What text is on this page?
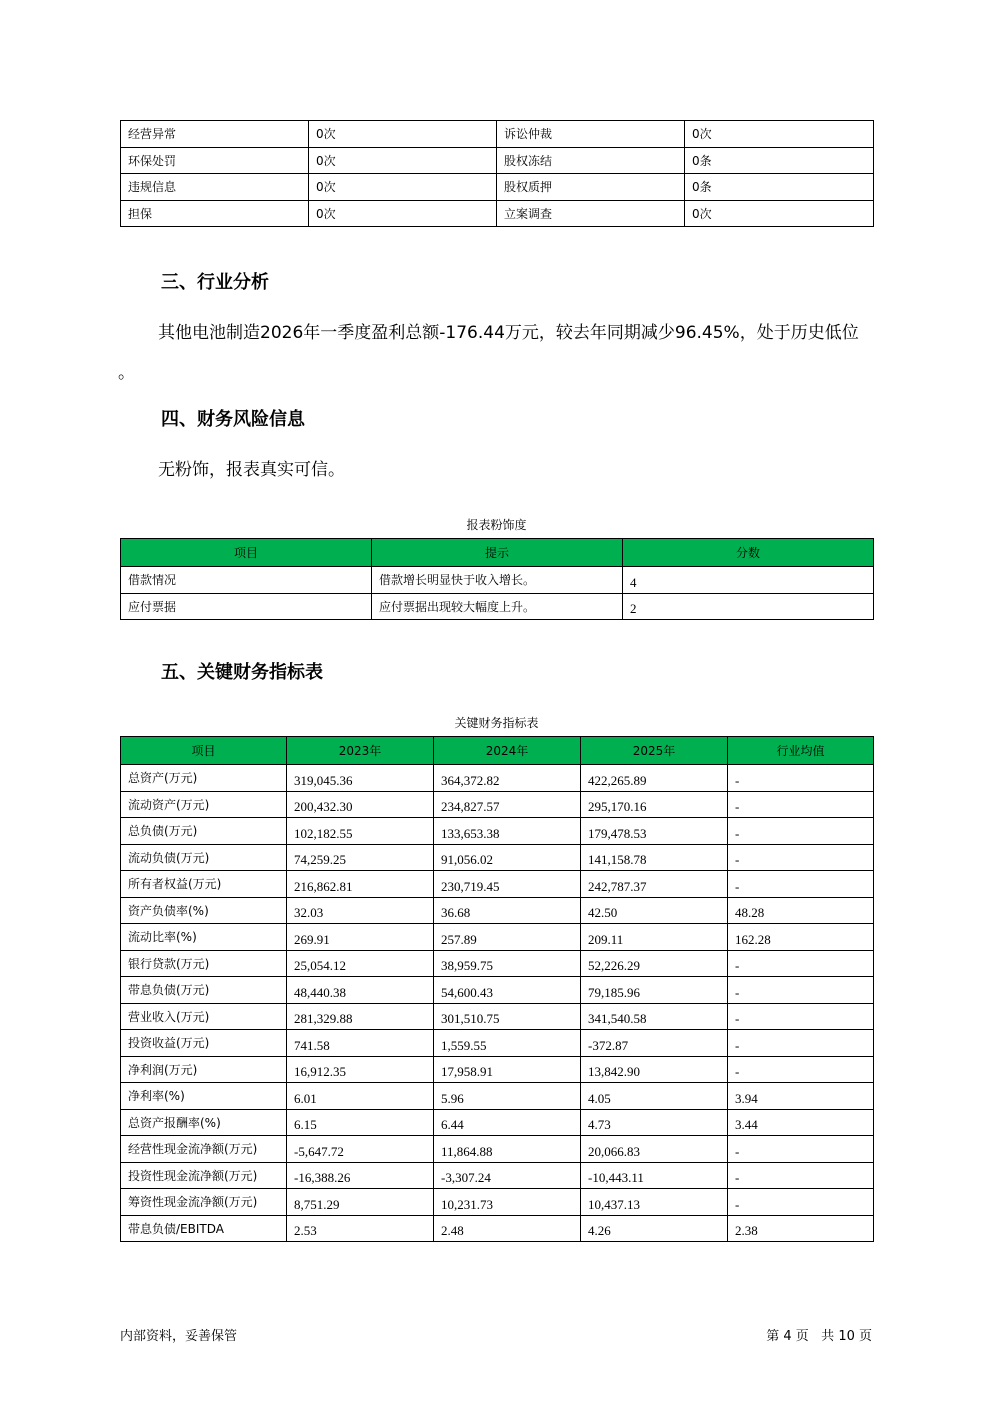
经营异常	0次	诉讼仲裁	0次
环保处罚	0次	股权冻结	0条
违规信息	0次	股权质押	0条
担保	0次	立案调查	0次
三、行业分析
其他电池制造2026年一季度盈利总额-176.44万元，较去年同期减少96.45%，处于历史低位
。
四、财务风险信息
无粉饰，报表真实可信。
报表粉饰度
项目	提示	分数
借款情况	借款增长明显快于收入增长。	4
应付票据	应付票据出现较大幅度上升。	2
五、关键财务指标表
关键财务指标表
项目	2023年	2024年	2025年	行业均值
总资产(万元)	319,045.36	364,372.82	422,265.89	-
流动资产(万元)	200,432.30	234,827.57	295,170.16	-
总负债(万元)	102,182.55	133,653.38	179,478.53	-
流动负债(万元)	74,259.25	91,056.02	141,158.78	-
所有者权益(万元)	216,862.81	230,719.45	242,787.37	-
资产负债率(%)	32.03	36.68	42.50	48.28
流动比率(%)	269.91	257.89	209.11	162.28
银行贷款(万元)	25,054.12	38,959.75	52,226.29	-
带息负债(万元)	48,440.38	54,600.43	79,185.96	-
营业收入(万元)	281,329.88	301,510.75	341,540.58	-
投资收益(万元)	741.58	1,559.55	-372.87	-
净利润(万元)	16,912.35	17,958.91	13,842.90	-
净利率(%)	6.01	5.96	4.05	3.94
总资产报酬率(%)	6.15	6.44	4.73	3.44
经营性现金流净额(万元)	-5,647.72	11,864.88	20,066.83	-
投资性现金流净额(万元)	-16,388.26	-3,307.24	-10,443.11	-
筹资性现金流净额(万元)	8,751.29	10,231.73	10,437.13	-
带息负债/EBITDA	2.53	2.48	4.26	2.38
内部资料，妥善保管	第 4 页   共 10 页
